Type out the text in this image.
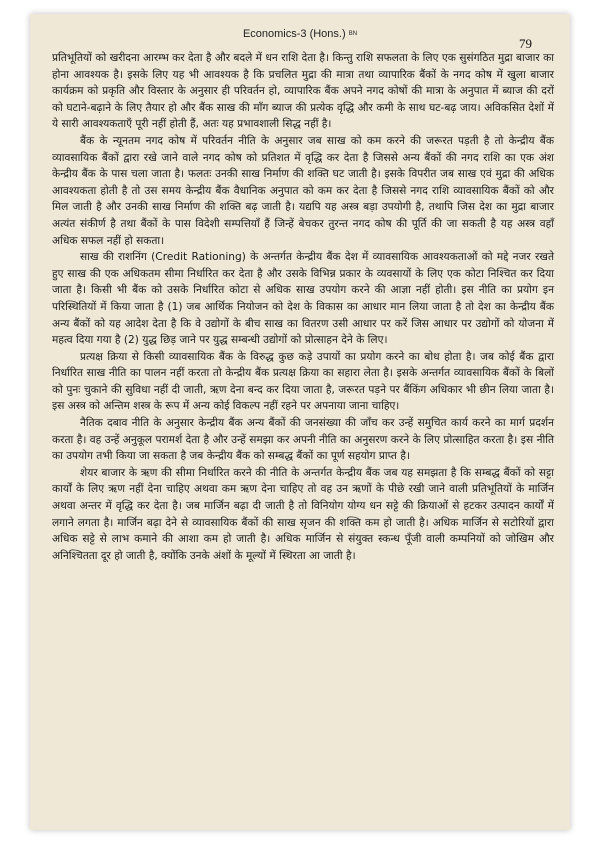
Economics-3 (Hons.) BN
79

प्रतिभूतियों को खरीदना आरम्भ कर देता है और बदले में धन राशि देता है। किन्तु राशि सफलता के लिए एक सुसंगठित मुद्रा बाजार का होना आवश्यक है। इसके लिए यह भी आवश्यक है कि प्रचलित मुद्रा की मात्रा तथा व्यापारिक बैंकों के नगद कोष में खुला बाजार कार्यक्रम को प्रकृति और विस्तार के अनुसार ही परिवर्तन हो, व्यापारिक बैंक अपने नगद कोषों की मात्रा के अनुपात में ब्याज की दरों को घटाने-बढ़ाने के लिए तैयार हो और बैंक साख की माँग ब्याज की प्रत्येक वृद्धि और कमी के साथ घट-बढ़ जाय। अविकसित देशों में ये सारी आवश्यकताएँ पूरी नहीं होती हैं, अतः यह प्रभावशाली सिद्ध नहीं है।

बैंक के न्यूनतम नगद कोष में परिवर्तन नीति के अनुसार जब साख को कम करने की जरूरत पड़ती है तो केन्द्रीय बैंक व्यावसायिक बैंकों द्वारा रखे जाने वाले नगद कोष को प्रतिशत में वृद्धि कर देता है जिससे अन्य बैंकों की नगद राशि का एक अंश केन्द्रीय बैंक के पास चला जाता है। फलतः उनकी साख निर्माण की शक्ति घट जाती है। इसके विपरीत जब साख एवं मुद्रा की अधिक आवश्यकता होती है तो उस समय केन्द्रीय बैंक वैधानिक अनुपात को कम कर देता है जिससे नगद राशि व्यावसायिक बैंकों को और मिल जाती है और उनकी साख निर्माण की शक्ति बढ़ जाती है। यद्यपि यह अस्त्र बड़ा उपयोगी है, तथापि जिस देश का मुद्रा बाजार अत्यंत संकीर्ण है तथा बैंकों के पास विदेशी सम्पत्तियाँ हैं जिन्हें बेचकर तुरन्त नगद कोष की पूर्ति की जा सकती है यह अस्त्र वहाँ अधिक सफल नहीं हो सकता।

साख की राशनिंग (Credit Rationing) के अन्तर्गत केन्द्रीय बैंक देश में व्यावसायिक आवश्यकताओं को मद्दे नजर रखते हुए साख की एक अधिकतम सीमा निर्धारित कर देता है और उसके विभिन्न प्रकार के व्यवसायों के लिए एक कोटा निश्चित कर दिया जाता है। किसी भी बैंक को उसके निर्धारित कोटा से अधिक साख उपयोग करने की आज्ञा नहीं होती। इस नीति का प्रयोग इन परिस्थितियों में किया जाता है (1) जब आर्थिक नियोजन को देश के विकास का आधार मान लिया जाता है तो देश का केन्द्रीय बैंक अन्य बैंकों को यह आदेश देता है कि वे उद्योगों के बीच साख का वितरण उसी आधार पर करें जिस आधार पर उद्योगों को योजना में महत्व दिया गया है (2) युद्ध छिड़ जाने पर युद्ध सम्बन्धी उद्योगों को प्रोत्साहन देने के लिए।

प्रत्यक्ष क्रिया से किसी व्यावसायिक बैंक के विरुद्ध कुछ कड़े उपायों का प्रयोग करने का बोध होता है। जब कोई बैंक द्वारा निर्धारित साख नीति का पालन नहीं करता तो केन्द्रीय बैंक प्रत्यक्ष क्रिया का सहारा लेता है। इसके अन्तर्गत व्यावसायिक बैंकों के बिलों को पुनः चुकाने की सुविधा नहीं दी जाती, ऋण देना बन्द कर दिया जाता है, जरूरत पड़ने पर बैंकिंग अधिकार भी छीन लिया जाता है। इस अस्त्र को अन्तिम शस्त्र के रूप में अन्य कोई विकल्प नहीं रहने पर अपनाया जाना चाहिए।

नैतिक दबाव नीति के अनुसार केन्द्रीय बैंक अन्य बैंकों की जनसंख्या की जाँच कर उन्हें समुचित कार्य करने का मार्ग प्रदर्शन करता है। वह उन्हें अनुकूल परामर्श देता है और उन्हें समझा कर अपनी नीति का अनुसरण करने के लिए प्रोत्साहित करता है। इस नीति का उपयोग तभी किया जा सकता है जब केन्द्रीय बैंक को सम्बद्ध बैंकों का पूर्ण सहयोग प्राप्त है।

शेयर बाजार के ऋण की सीमा निर्धारित करने की नीति के अन्तर्गत केन्द्रीय बैंक जब यह समझता है कि सम्बद्ध बैंकों को सट्टा कार्यों के लिए ऋण नहीं देना चाहिए अथवा कम ऋण देना चाहिए तो वह उन ऋणों के पीछे रखी जाने वाली प्रतिभूतियों के मार्जिन अथवा अन्तर में वृद्धि कर देता है। जब मार्जिन बढ़ा दी जाती है तो विनियोग योग्य धन सट्टे की क्रियाओं से हटकर उत्पादन कार्यों में लगाने लगता है। मार्जिन बढ़ा देने से व्यावसायिक बैंकों की साख सृजन की शक्ति कम हो जाती है। अधिक मार्जिन से सटोरियों द्वारा अधिक सट्टे से लाभ कमाने की आशा कम हो जाती है। अधिक मार्जिन से संयुक्त स्कन्ध पूँजी वाली कम्पनियों को जोखिम और अनिश्चितता दूर हो जाती है, क्योंकि उनके अंशों के मूल्यों में स्थिरता आ जाती है।
